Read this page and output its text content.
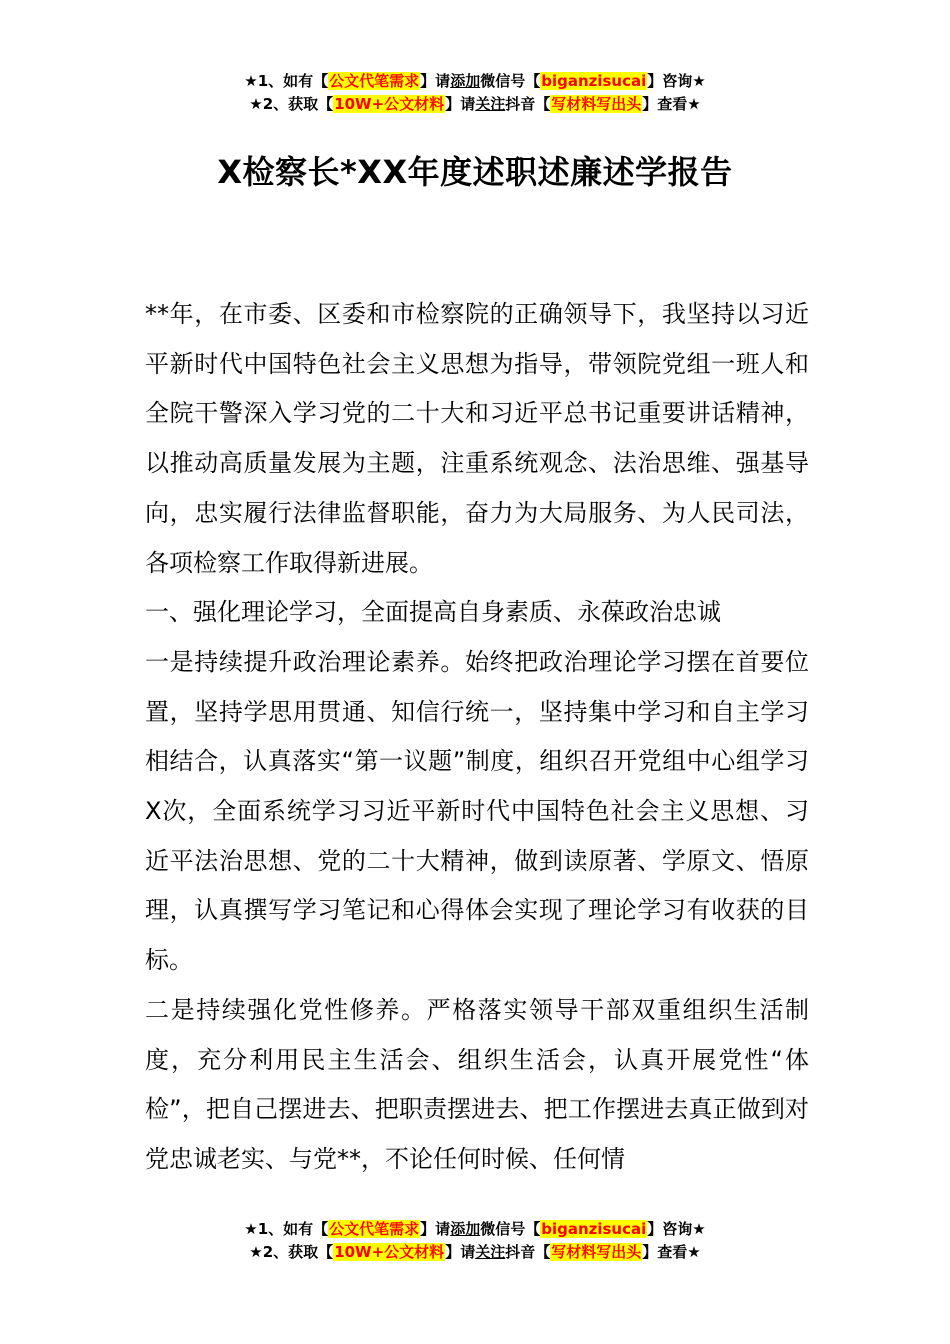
★1、如有【公文代笔需求】请添加微信号【biganzisucai】咨询★
★2、获取【10W+公文材料】请关注抖音【写材料写出头】查看★
X检察长*XX年度述职述廉述学报告

**年，在市委、区委和市检察院的正确领导下，我坚持以习近平新时代中国特色社会主义思想为指导，带领院党组一班人和全院干警深入学习党的二十大和习近平总书记重要讲话精神，以推动高质量发展为主题，注重系统观念、法治思维、强基导向，忠实履行法律监督职能，奋力为大局服务、为人民司法，各项检察工作取得新进展。

一、强化理论学习，全面提高自身素质、永葆政治忠诚

一是持续提升政治理论素养。始终把政治理论学习摆在首要位置，坚持学思用贯通、知信行统一，坚持集中学习和自主学习相结合，认真落实“第一议题”制度，组织召开党组中心组学习X次，全面系统学习习近平新时代中国特色社会主义思想、习近平法治思想、党的二十大精神，做到读原著、学原文、悟原理，认真撰写学习笔记和心得体会实现了理论学习有收获的目标。

二是持续强化党性修养。严格落实领导干部双重组织生活制度，充分利用民主生活会、组织生活会，认真开展党性“体检”，把自己摆进去、把职责摆进去、把工作摆进去真正做到对党忠诚老实、与党**，不论任何时候、任何情

★1、如有【公文代笔需求】请添加微信号【biganzisucai】咨询★
★2、获取【10W+公文材料】请关注抖音【写材料写出头】查看★
